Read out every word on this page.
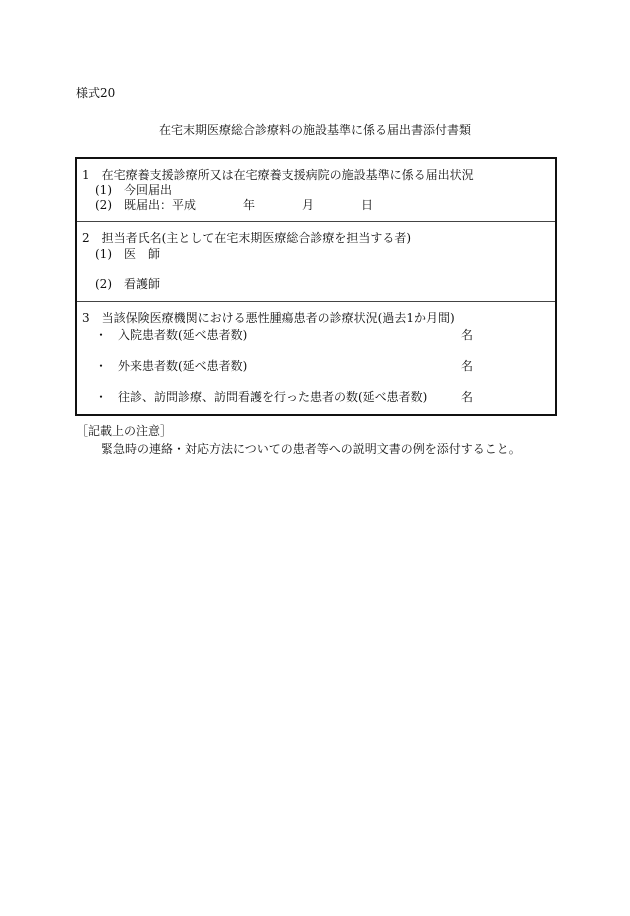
様式20
在宅末期医療総合診療料の施設基準に係る届出書添付書類
1　在宅療養支援診療所又は在宅療養支援病院の施設基準に係る届出状況
(1)　今回届出
(2)　既届出：平成	年	月	日
2　担当者氏名(主として在宅末期医療総合診療を担当する者)
(1)　医　師
(2)　看護師
3　当該保険医療機関における悪性腫瘍患者の診療状況(過去1か月間)
・ 入院患者数(延べ患者数)	名
・ 外来患者数(延べ患者数)	名
・ 往診、訪問診療、訪問看護を行った患者の数(延べ患者数)	名
［記載上の注意］
緊急時の連絡・対応方法についての患者等への説明文書の例を添付すること。
